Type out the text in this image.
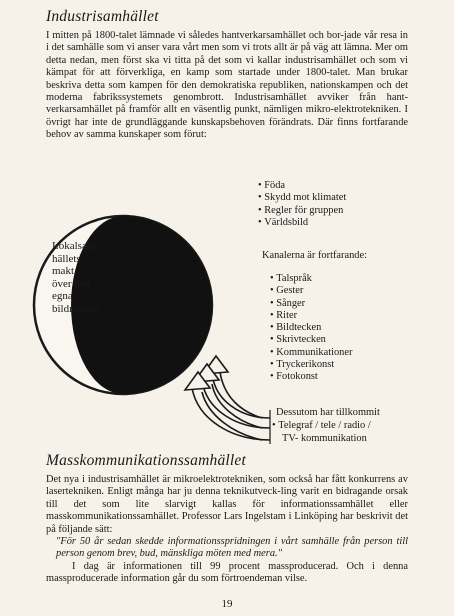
Industrisamhället

I mitten på 1800-talet lämnade vi således hantverkarsamhället och bor-jade vår resa in i det samhälle som vi anser vara vårt men som vi trots allt är på väg att lämna. Mer om detta nedan, men först ska vi titta på det som vi kallar industrisamhället och som vi kämpat för att förverkliga, en kamp som startade under 1800-talet. Man brukar beskriva detta som kampen för den demokratiska republiken, nationskampen och det moderna fabrikssystemets genombrott. Industrisamhället avviker från hant-verkarsamhället på framför allt en väsentlig punkt, nämligen mikro-elektrotekniken. I övrigt har inte de grundläggande kunskapsbehoven förändrats. Där finns fortfarande behov av samma kunskaper som förut:

Lokalsam-
hällets
makt
över den
egna
bildningen
• Föda
• Skydd mot klimatet
• Regler för gruppen
• Världsbild
Kanalerna är fortfarande:
• Talspråk
• Gester
• Sånger
• Riter
• Bildtecken
• Skrivtecken
• Kommunikationer
• Tryckerikonst
• Fotokonst
Dessutom har tillkommit
• Telegraf / tele / radio /
TV- kommunikation
Masskommunikationssamhället

Det nya i industrisamhället är mikroelektrotekniken, som också har fått konkurrens av lasertekniken. Enligt många har ju denna teknikutveck-ling varit en bidragande orsak till det som lite slarvigt kallas för informationssamhället eller masskommunikationssamhället. Professor Lars Ingelstam i Linköping har beskrivit det på följande sätt:

"För 50 år sedan skedde informationsspridningen i vårt samhälle från person till person genom brev, bud, mänskliga möten med mera."

I dag är informationen till 99 procent massproducerad. Och i denna massproducerade information går du som förtroendeman vilse.

19
